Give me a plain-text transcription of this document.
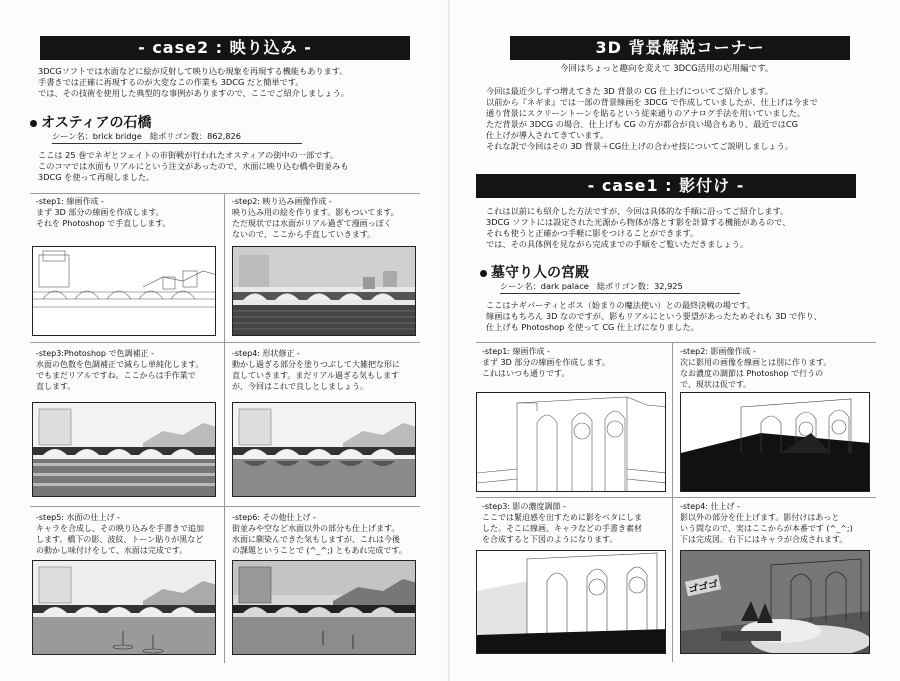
- case2 : 映り込み -
3DCGソフトでは水面などに絵が反射して映り込む現象を再現する機能もあります。
手書きでは正確に再現するのが大変なこの作業も 3DCG だと簡単です。
では、その技術を使用した典型的な事例がありますので、ここでご紹介しましょう。
オスティアの石橋
シーン名：brick bridge　総ポリゴン数：862,826
ここは 25 巻でネギとフェイトの市街戦が行われたオスティアの街中の一部です。
このコマでは水面もリアルにという注文があったので、水面に映り込む橋や街並みも
3DCG を使って再現しました。
-step1: 線画作成 -
まず 3D 部分の線画を作成します。
それを Photoshop で手直しします。
-step2: 映り込み画像作成 -
映り込み用の絵を作ります。影もついてます。
ただ現状では水面がリアル過ぎて漫画っぽく
ないので、ここから手直していきます。
-step3:Photoshop で色調補正 -
水面の色数を色調補正で減らし単純化します。
でもまだリアルですね。ここからは手作業で
直します。
-step4: 形状修正 -
動かし過ぎる部分を塗りつぶして大雑把な形に
直していきます。まだリアル過ぎる気もします
が、今回はこれで良しとしましょう。
-step5: 水面の仕上げ -
キャラを合成し、その映り込みを手書きで追加
します。橋下の影、波紋、トーン貼りが黒など
の動かし味付けをして、水面は完成です。
-step6: その他仕上げ -
街並みや空など水面以外の部分も仕上げます。
水面に馴染んできた気もしますが、これは今後
の課題ということで (^_^;) ともあれ完成です。
3D 背景解説コーナー
今回はちょっと趣向を変えて 3DCG活用の応用編です。
今回は最近少しずつ増えてきた 3D 背景の CG 仕上げについてご紹介します。
以前から『ネギま』では一部の背景線画を 3DCG で作成していましたが、仕上げは今まで
通り背景にスクリーントーンを貼るという従来通りのアナログ手法を用いていました。
ただ背景が 3DCG の場合、仕上げも CG の方が都合が良い場合もあり、最近ではCG
仕上げが導入されてきています。
それな訳で今回はその 3D 背景＋CG仕上げの合わせ技についてご説明しましょう。
- case1 : 影付け -
これは以前にも紹介した方法ですが、今回は具体的な手順に沿ってご紹介します。
3DCG ソフトには設定された光源から物体が落とす影を計算する機能があるので、
それも使うと正確かつ手軽に影をつけることができます。
では、その具体例を見ながら完成までの手順をご覧いただきましょう。
墓守り人の宮殿
シーン名：dark palace　総ポリゴン数：32,925
ここはナギパーティとボス（始まりの魔法使い）との最終決戦の場です。
線画はもちろん 3D なのですが、影もリアルにという要望があったためそれも 3D で作り、
仕上げも Photoshop を使って CG 仕上げになりました。
-step1: 線画作成 -
まず 3D 部分の線画を作成します。
これはいつも通りです。
-step2: 影画像作成 -
次に影用の画像を線画とは別に作ります。
なお濃度の調節は Photoshop で行うの
で、現状は仮です。
-step3: 影の濃度調節 -
ここでは緊迫感を出すために影をベタにしま
した。そこに線画、キャラなどの手書き素材
を合成すると下図のようになります。
-step4: 仕上げ -
影以外の部分を仕上げます。影付けはあっと
いう間なので、実はここからが本番です (^_^;)
下は完成図。右下にはキャラが合成されます。
ゴゴゴ
